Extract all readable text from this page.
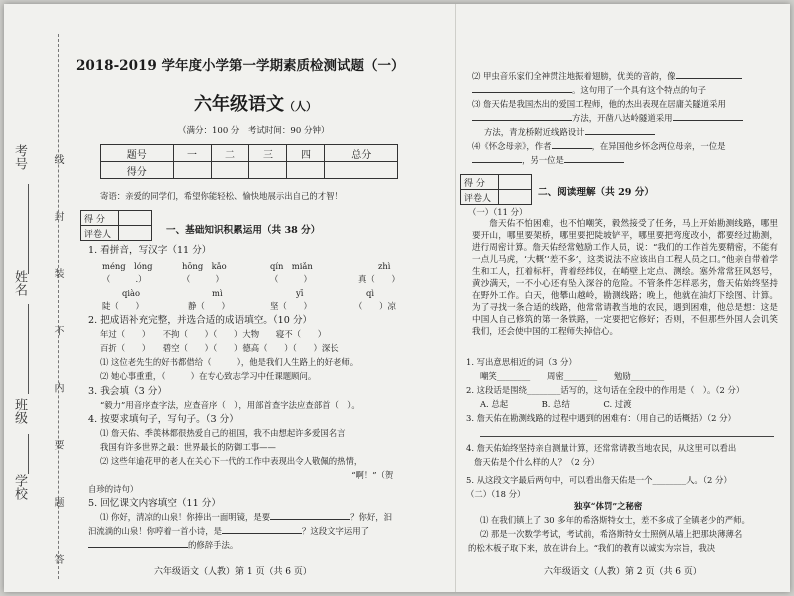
考号
姓名
班级
学校	线 封 装 不 内 要 题 答
2018-2019 学年度小学第一学期素质检测试题（一）
六年级语文（人）
（满分：100 分　考试时间：90 分钟）
题号	一	二	三	四	总分
得分					
寄语：亲爱的同学们，希望你能轻松、愉快地展示出自己的才智！
得 分	
评卷人		一、基础知识积累运用（共 38 分）
1. 看拼音，写汉字（11 分）
méng　lóng	hōng　kǎo	qín　miǎn	zhì
（　　　.）	（　　　）	（　　　）	真（　　）
qiào	mì	yī	qì
陡（　　）	静（　　）	坚（　　）	（　　）凉
2. 把成语补充完整，并选合适的成语填空。（10 分）
年过（　　）　　不拘（　　）（　　）大物　　寝不（　　）
百折（　　）　　碧空（　　）（　　）德高（　　）（　　）深长
⑴ 这位老先生的好书都借给（　　　），他是我们人生路上的好老师。
⑵ 她心事重重，（　　　）在专心致志学习中任课题顾问。
3. 我会填（3 分）
“毅力”用音序查字法，应查音序（　），用部首查字法应查部首（　）。
4. 按要求填句子，写句子。（3 分）
⑴ 詹天佑、季羡林都很热爱自己的祖国，我不由想起许多爱国名言
我国有许多世界之最：世界最长的防御工事——
⑵ 这些年逾花甲的老人在关心下一代的工作中表现出令人敬佩的热情，
　　　　　　　　　　　　　　　　　　　　　　　　　　　　　　“啊！”（贺
自珍的诗句）
5. 回忆课文内容填空（11 分）
⑴ 你好，清凉的山泉！你捧出一面明镜，是要	？你好，汩
汩流淌的山泉！你哼着一首小诗，是	？这段文字运用了
的修辞手法。
六年级语文（人教）第 1 页（共 6 页）
⑵ 甲虫音乐家们全神贯注地振着翅膀，优美的音韵，像
。这句用了一个具有这个特点的句子
⑶ 詹天佑是我国杰出的爱国工程师，他的杰出表现在居庸关隧道采用
方法，开凿八达岭隧道采用
方法，青龙桥附近线路设计
⑷《怀念母亲》，作者	，在异国他乡怀念两位母亲，一位是
，另一位是
得 分	
评卷人	
二、阅读理解（共 29 分）
（一）（11 分）
詹天佑不怕困难，也不怕嘲笑，毅然接受了任务，马上开始勘测线路，哪里要开山，哪里要架桥，哪里要把陡坡铲平，哪里要把弯度改小，都要经过勘测，进行周密计算。詹天佑经常勉励工作人员，说：“我们的工作首先要精密，不能有一点儿马虎，‘大概’‘差不多’，这类说法不应该出自工程人员之口。”他亲自带着学生和工人，扛着标杆，背着经纬仪，在峭壁上定点、测绘。塞外常常狂风怒号，黄沙满天，一不小心还有坠入深谷的危险。不管条件怎样恶劣，詹天佑始终坚持在野外工作。白天，他攀山越岭，勘测线路；晚上，他就在油灯下绘图、计算。为了寻找一条合适的线路，他常常请教当地的农民，遇到困难，他总是想：这是中国人自己修筑的第一条铁路，一定要把它修好；否则，不但那些外国人会讥笑我们，还会使中国的工程师失掉信心。
1. 写出意思相近的词（3 分）
嘲笑________　　周密________　　勉励________
2. 这段话是围绕________话写的，这句话在全段中的作用是（　）。（2 分）
A. 总起　　　　B. 总结　　　　C. 过渡
3. 詹天佑在勘测线路的过程中遇到的困难有：（用自己的话概括）（2 分）
4. 詹天佑始终坚持亲自测量计算，还常常请教当地农民，从这里可以看出
詹天佑是个什么样的人？（2 分）
5. 从这段文字最后两句中，可以看出詹天佑是一个________人。（2 分）
（二）（18 分）
独享“体罚”之秘密
⑴ 在我们镇上了 30 多年的希洛斯特女士，差不多成了全镇老少的严师。
⑵ 那是一次数学考试，考试前，希洛斯特女士照例从墙上把那块薄薄名
的松木板子取下来，放在讲台上。“我们的教育以诚实为宗旨，我决
六年级语文（人教）第 2 页（共 6 页）
